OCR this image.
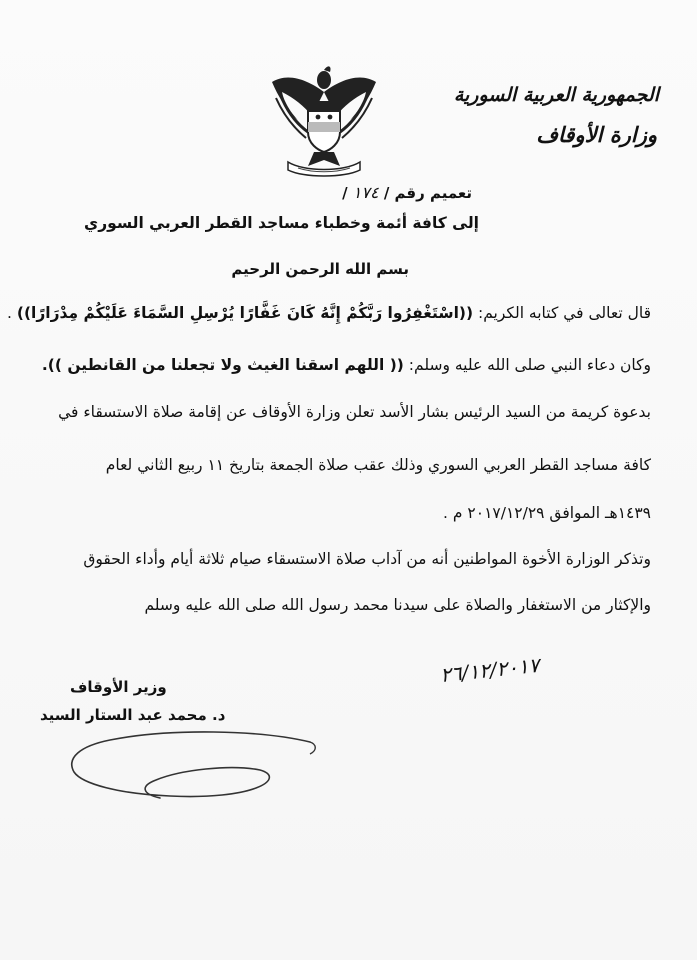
الجمهورية العربية السورية
وزارة الأوقاف
تعميم رقم / ١٧٤ /
إلى كافة أئمة وخطباء مساجد القطر العربي السوري
بسم الله الرحمن الرحيم
قال تعالى في كتابه الكريم: ((اسْتَغْفِرُوا رَبَّكُمْ إِنَّهُ كَانَ غَفَّارًا يُرْسِلِ السَّمَاءَ عَلَيْكُمْ مِدْرَارًا)) .
وكان دعاء النبي صلى الله عليه وسلم: (( اللهم اسقنا الغيث ولا تجعلنا من القانطين )).
بدعوة كريمة من السيد الرئيس بشار الأسد تعلن وزارة الأوقاف عن إقامة صلاة الاستسقاء في
كافة مساجد القطر العربي السوري وذلك عقب صلاة الجمعة بتاريخ ١١ ربيع الثاني لعام
١٤٣٩هـ الموافق ٢٠١٧/١٢/٢٩ م .
وتذكر الوزارة الأخوة المواطنين أنه من آداب صلاة الاستسقاء صيام ثلاثة أيام وأداء الحقوق
والإكثار من الاستغفار والصلاة على سيدنا محمد رسول الله صلى الله عليه وسلم
٢٦/١٢/٢٠١٧
وزير الأوقاف
د. محمد عبد الستار السيد
